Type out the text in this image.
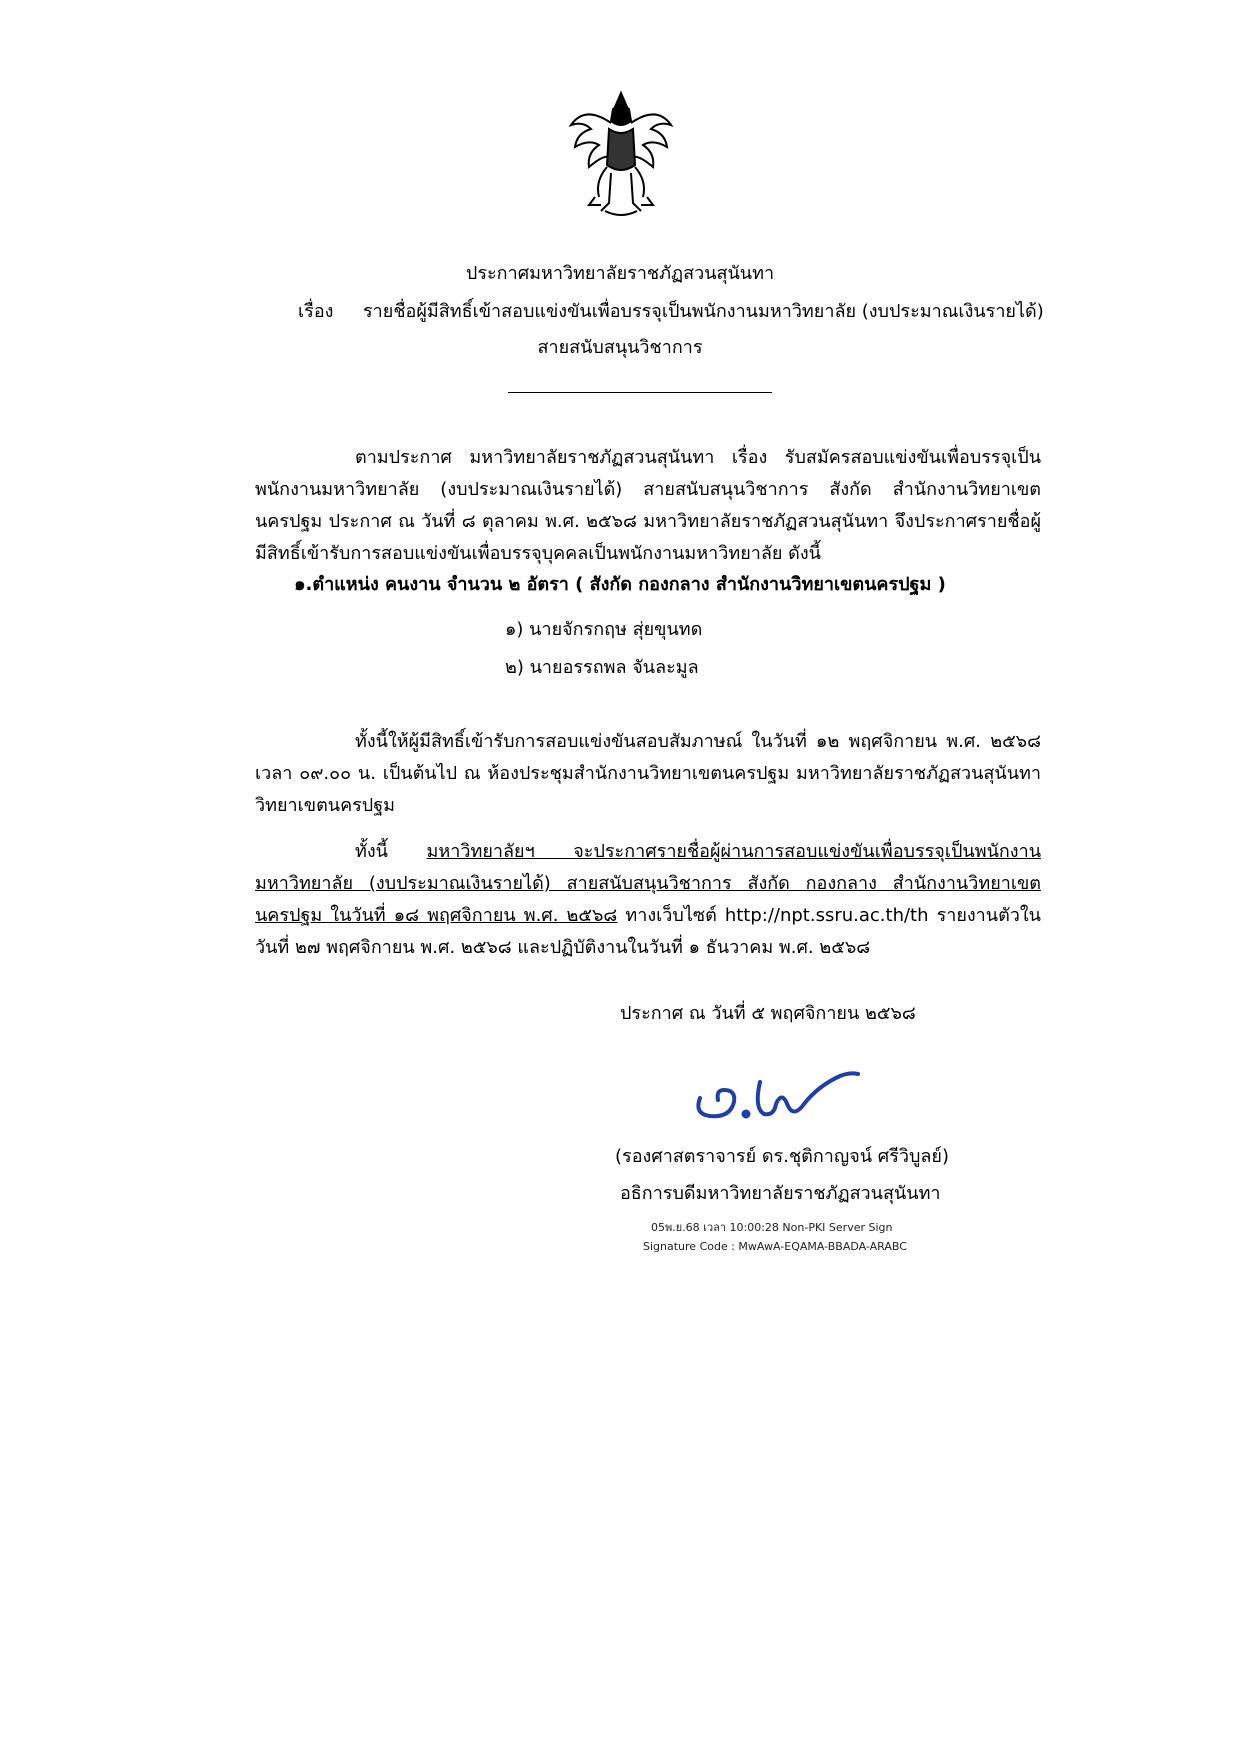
ประกาศมหาวิทยาลัยราชภัฏสวนสุนันทา
เรื่อง รายชื่อผู้มีสิทธิ์เข้าสอบแข่งขันเพื่อบรรจุเป็นพนักงานมหาวิทยาลัย (งบประมาณเงินรายได้)
สายสนับสนุนวิชาการ
ตามประกาศ มหาวิทยาลัยราชภัฏสวนสุนันทา เรื่อง รับสมัครสอบแข่งขันเพื่อบรรจุเป็นพนักงานมหาวิทยาลัย (งบประมาณเงินรายได้) สายสนับสนุนวิชาการ สังกัด สำนักงานวิทยาเขตนครปฐม ประกาศ ณ วันที่ ๘ ตุลาคม พ.ศ. ๒๕๖๘ มหาวิทยาลัยราชภัฏสวนสุนันทา จึงประกาศรายชื่อผู้มีสิทธิ์เข้ารับการสอบแข่งขันเพื่อบรรจุบุคคลเป็นพนักงานมหาวิทยาลัย ดังนี้
๑.ตำแหน่ง คนงาน จำนวน ๒ อัตรา ( สังกัด กองกลาง สำนักงานวิทยาเขตนครปฐม )
๑) นายจักรกฤษ สุ่ยขุนทด
๒) นายอรรถพล จันละมูล
ทั้งนี้ให้ผู้มีสิทธิ์เข้ารับการสอบแข่งขันสอบสัมภาษณ์ ในวันที่ ๑๒ พฤศจิกายน พ.ศ. ๒๕๖๘ เวลา ๐๙.๐๐ น. เป็นต้นไป ณ ห้องประชุมสำนักงานวิทยาเขตนครปฐม มหาวิทยาลัยราชภัฏสวนสุนันทา วิทยาเขตนครปฐม
ทั้งนี้ มหาวิทยาลัยฯ จะประกาศรายชื่อผู้ผ่านการสอบแข่งขันเพื่อบรรจุเป็นพนักงานมหาวิทยาลัย (งบประมาณเงินรายได้) สายสนับสนุนวิชาการ สังกัด กองกลาง สำนักงานวิทยาเขตนครปฐม ในวันที่ ๑๘ พฤศจิกายน พ.ศ. ๒๕๖๘ ทางเว็บไซต์ http://npt.ssru.ac.th/th รายงานตัวในวันที่ ๒๗ พฤศจิกายน พ.ศ. ๒๕๖๘ และปฏิบัติงานในวันที่ ๑ ธันวาคม พ.ศ. ๒๕๖๘
ประกาศ ณ วันที่ ๕ พฤศจิกายน ๒๕๖๘
(รองศาสตราจารย์ ดร.ชุติกาญจน์ ศรีวิบูลย์)
อธิการบดีมหาวิทยาลัยราชภัฏสวนสุนันทา
05พ.ย.68 เวลา 10:00:28 Non-PKI Server Sign
Signature Code : MwAwA-EQAMA-BBADA-ARABC
